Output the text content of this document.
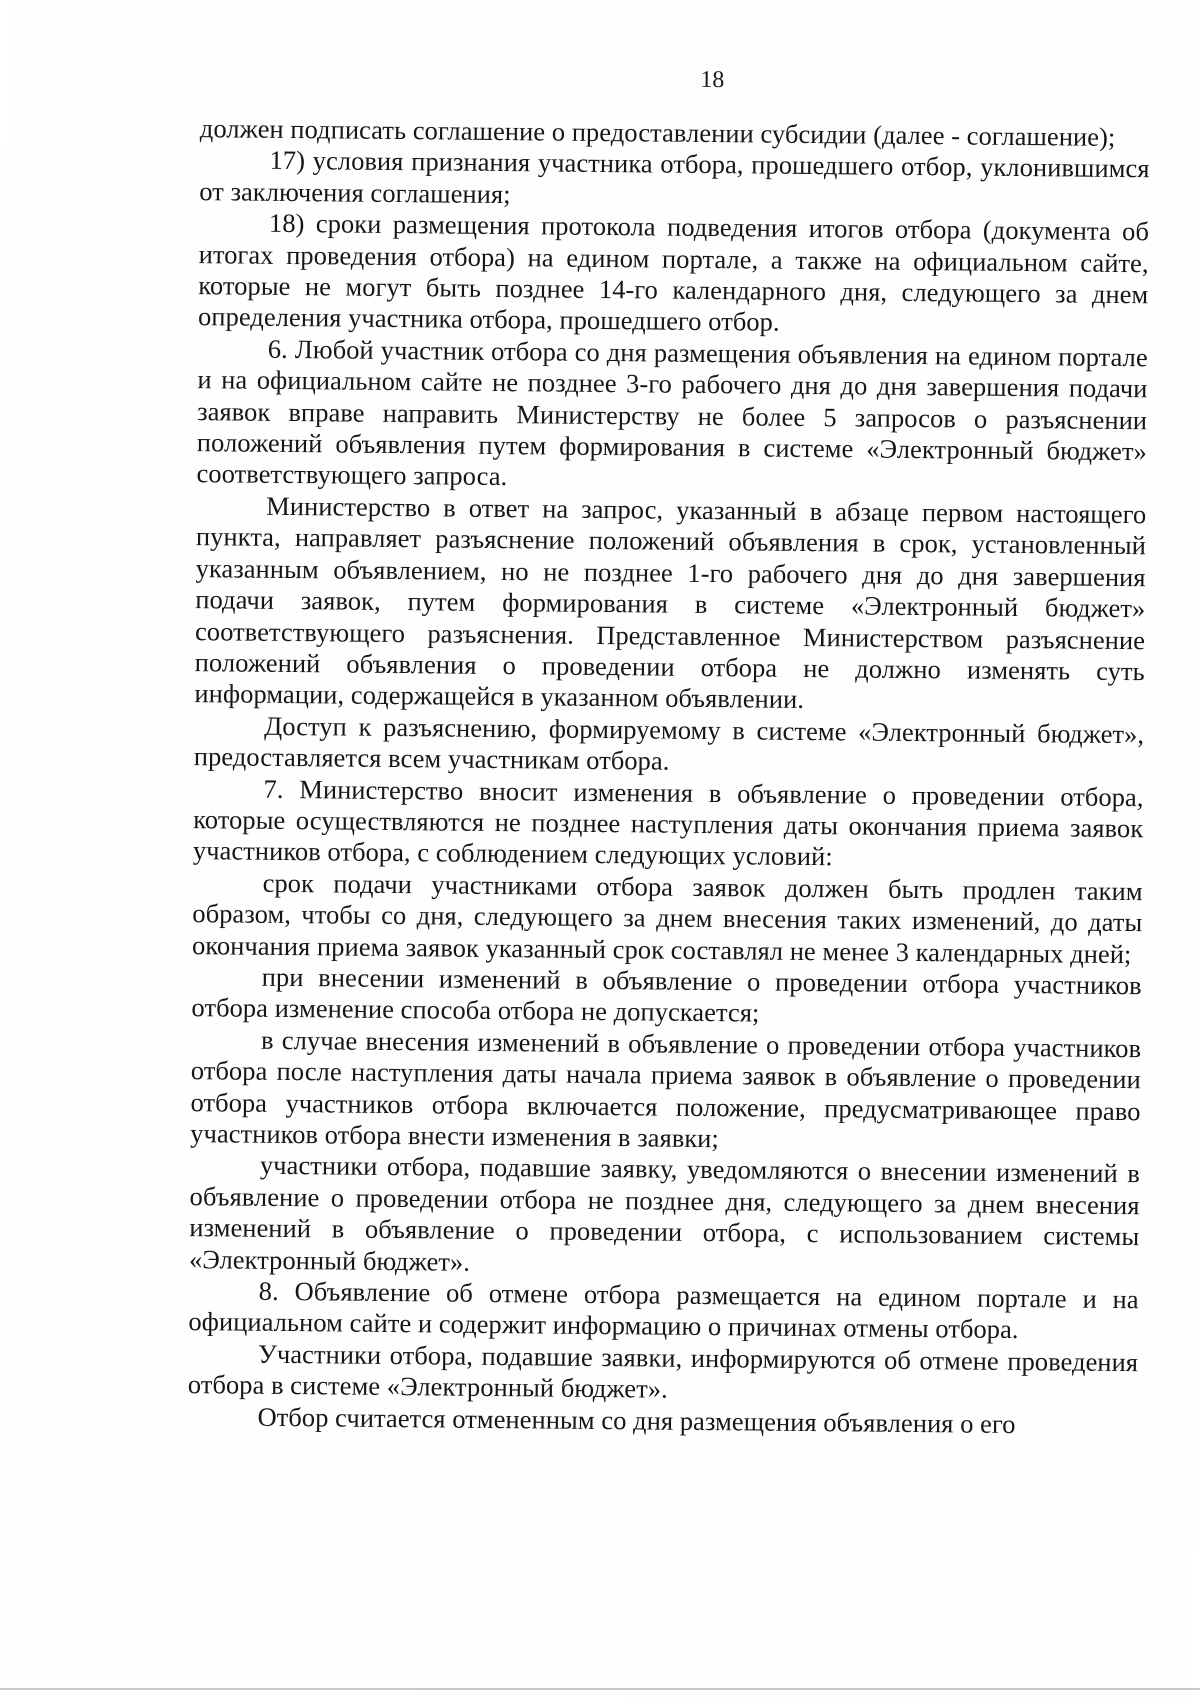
18

должен подписать соглашение о предоставлении субсидии (далее - соглашение);

17) условия признания участника отбора, прошедшего отбор, уклонившимся от заключения соглашения;

18) сроки размещения протокола подведения итогов отбора (документа об итогах проведения отбора) на едином портале, а также на официальном сайте, которые не могут быть позднее 14-го календарного дня, следующего за днем определения участника отбора, прошедшего отбор.

6. Любой участник отбора со дня размещения объявления на едином портале и на официальном сайте не позднее 3-го рабочего дня до дня завершения подачи заявок вправе направить Министерству не более 5 запросов о разъяснении положений объявления путем формирования в системе «Электронный бюджет» соответствующего запроса.

Министерство в ответ на запрос, указанный в абзаце первом настоящего пункта, направляет разъяснение положений объявления в срок, установленный указанным объявлением, но не позднее 1-го рабочего дня до дня завершения подачи заявок, путем формирования в системе «Электронный бюджет» соответствующего разъяснения. Представленное Министерством разъяснение положений объявления о проведении отбора не должно изменять суть информации, содержащейся в указанном объявлении.

Доступ к разъяснению, формируемому в системе «Электронный бюджет», предоставляется всем участникам отбора.

7. Министерство вносит изменения в объявление о проведении отбора, которые осуществляются не позднее наступления даты окончания приема заявок участников отбора, с соблюдением следующих условий:

срок подачи участниками отбора заявок должен быть продлен таким образом, чтобы со дня, следующего за днем внесения таких изменений, до даты окончания приема заявок указанный срок составлял не менее 3 календарных дней;

при внесении изменений в объявление о проведении отбора участников отбора изменение способа отбора не допускается;

в случае внесения изменений в объявление о проведении отбора участников отбора после наступления даты начала приема заявок в объявление о проведении отбора участников отбора включается положение, предусматривающее право участников отбора внести изменения в заявки;

участники отбора, подавшие заявку, уведомляются о внесении изменений в объявление о проведении отбора не позднее дня, следующего за днем внесения изменений в объявление о проведении отбора, с использованием системы «Электронный бюджет».

8. Объявление об отмене отбора размещается на едином портале и на официальном сайте и содержит информацию о причинах отмены отбора.

Участники отбора, подавшие заявки, информируются об отмене проведения отбора в системе «Электронный бюджет».

Отбор считается отмененным со дня размещения объявления о его
